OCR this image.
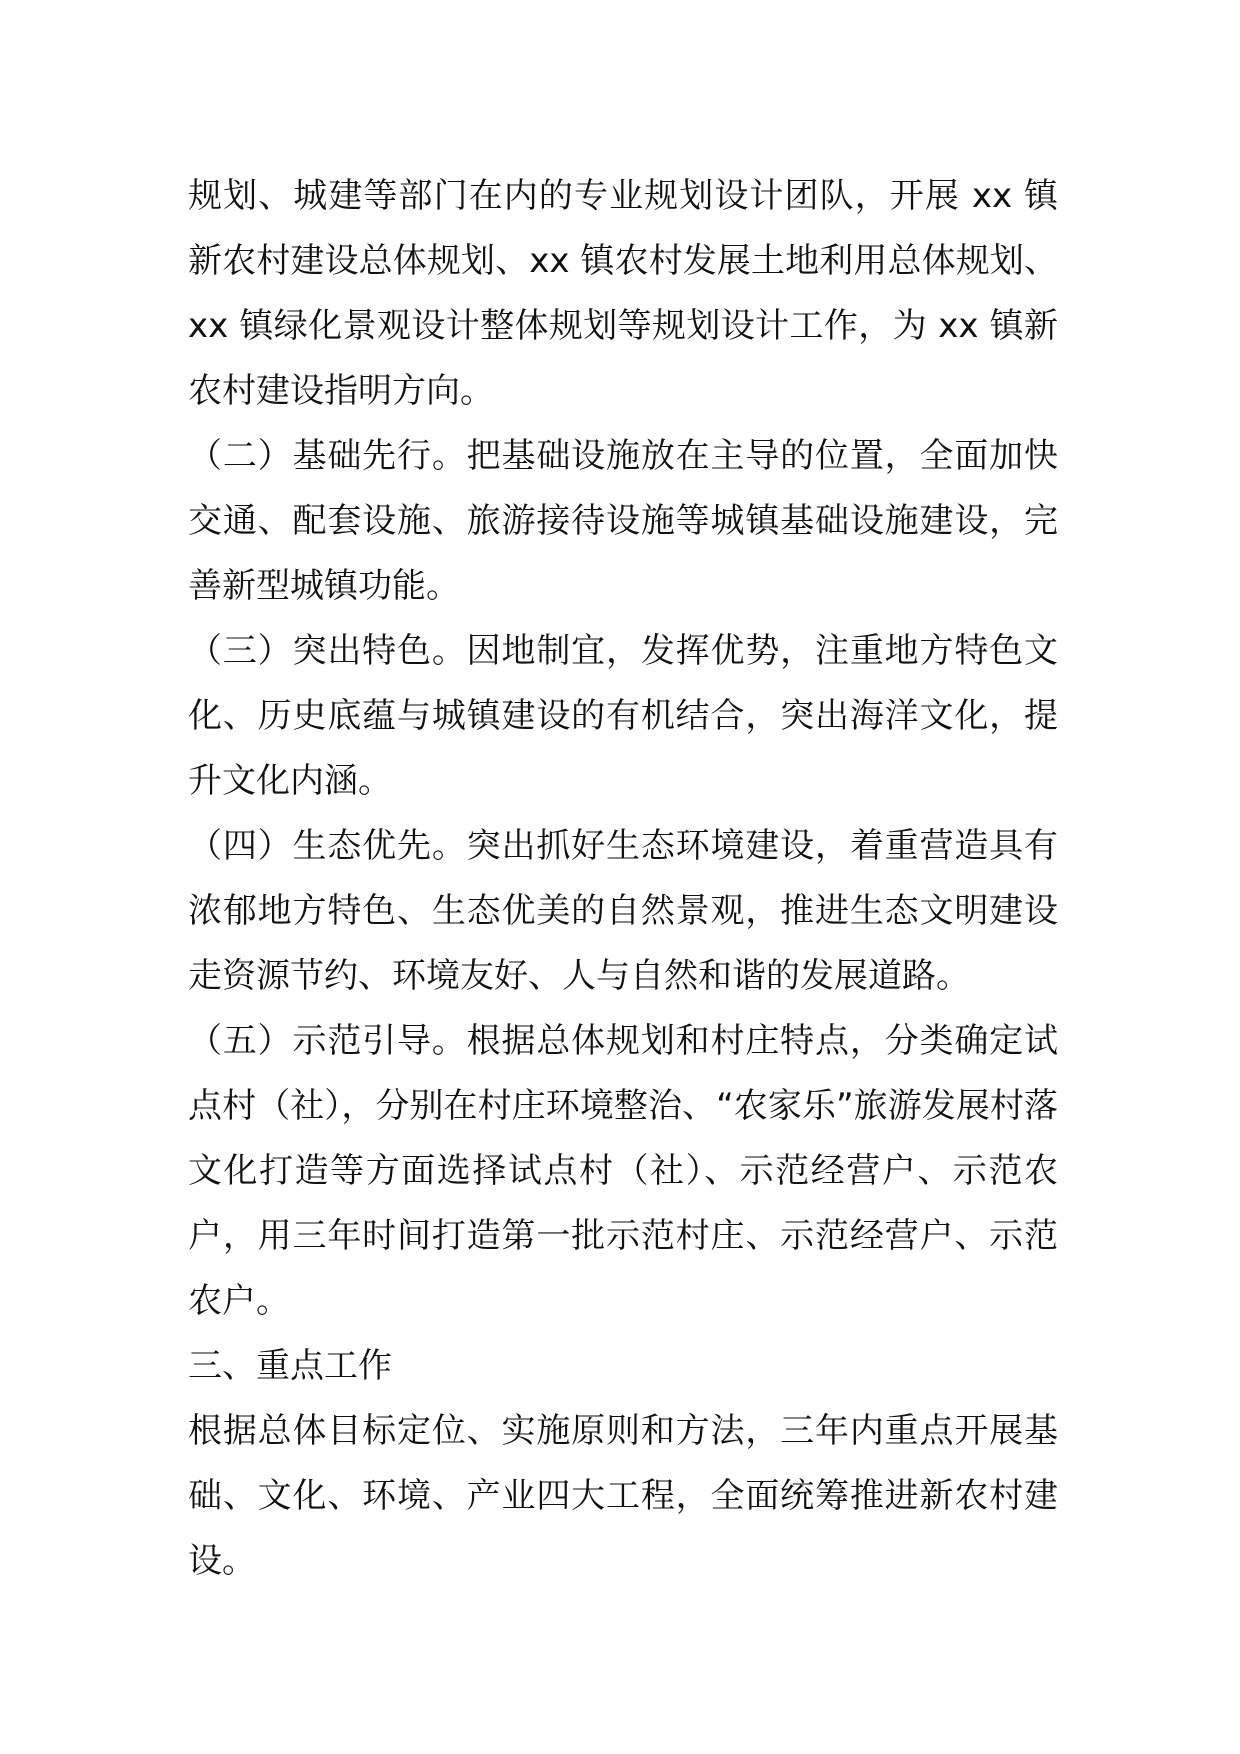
规划、城建等部门在内的专业规划设计团队，开展 xx 镇新农村建设总体规划、xx 镇农村发展土地利用总体规划、xx 镇绿化景观设计整体规划等规划设计工作，为 xx 镇新农村建设指明方向。

（二）基础先行。把基础设施放在主导的位置，全面加快交通、配套设施、旅游接待设施等城镇基础设施建设，完善新型城镇功能。

（三）突出特色。因地制宜，发挥优势，注重地方特色文化、历史底蕴与城镇建设的有机结合，突出海洋文化，提升文化内涵。

（四）生态优先。突出抓好生态环境建设，着重营造具有浓郁地方特色、生态优美的自然景观，推进生态文明建设走资源节约、环境友好、人与自然和谐的发展道路。

（五）示范引导。根据总体规划和村庄特点，分类确定试点村（社），分别在村庄环境整治、“农家乐”旅游发展村落文化打造等方面选择试点村（社）、示范经营户、示范农户，用三年时间打造第一批示范村庄、示范经营户、示范农户。

三、重点工作

根据总体目标定位、实施原则和方法，三年内重点开展基础、文化、环境、产业四大工程，全面统筹推进新农村建设。
